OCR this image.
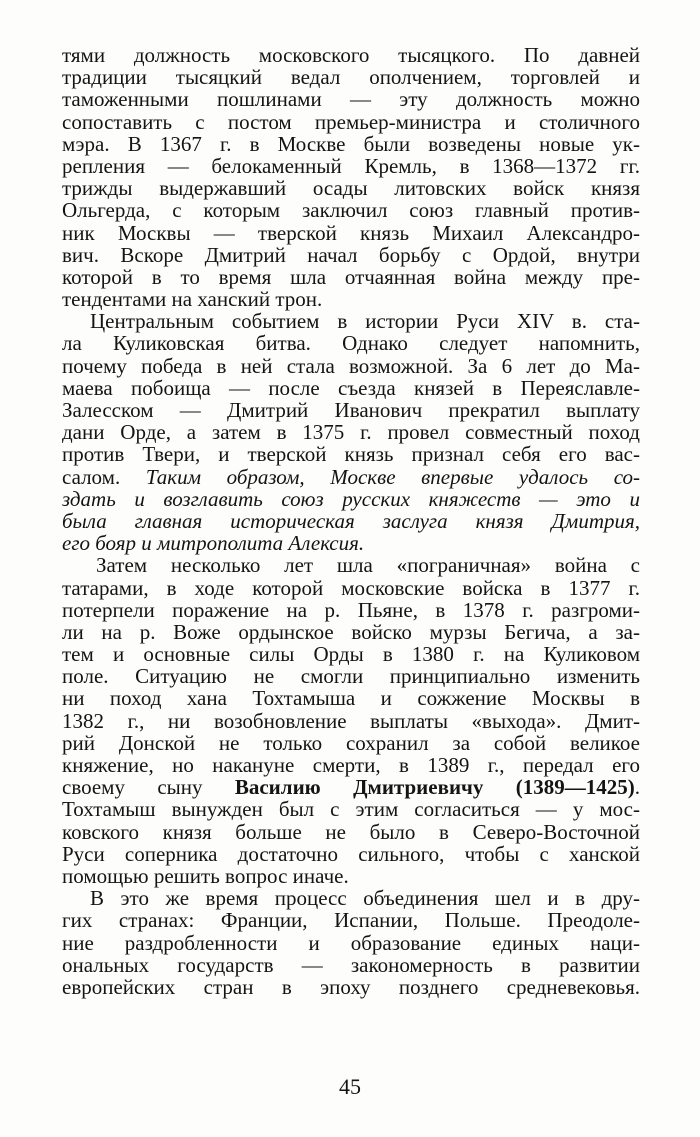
тями должность московского тысяцкого. По давней
традиции тысяцкий ведал ополчением, торговлей и
таможенными пошлинами — эту должность можно
сопоставить с постом премьер-министра и столичного
мэра. В 1367 г. в Москве были возведены новые ук-
репления — белокаменный Кремль, в 1368—1372 гг.
трижды выдержавший осады литовских войск князя
Ольгерда, с которым заключил союз главный против-
ник Москвы — тверской князь Михаил Александро-
вич. Вскоре Дмитрий начал борьбу с Ордой, внутри
которой в то время шла отчаянная война между пре-
тендентами на ханский трон.
Центральным событием в истории Руси XIV в. ста-
ла Куликовская битва. Однако следует напомнить,
почему победа в ней стала возможной. За 6 лет до Ма-
маева побоища — после съезда князей в Переяславле-
Залесском — Дмитрий Иванович прекратил выплату
дани Орде, а затем в 1375 г. провел совместный поход
против Твери, и тверской князь признал себя его вас-
салом. Таким образом, Москве впервые удалось со-
здать и возглавить союз русских княжеств — это и
была главная историческая заслуга князя Дмитрия,
его бояр и митрополита Алексия.
Затем несколько лет шла «пограничная» война с
татарами, в ходе которой московские войска в 1377 г.
потерпели поражение на р. Пьяне, в 1378 г. разгроми-
ли на р. Воже ордынское войско мурзы Бегича, а за-
тем и основные силы Орды в 1380 г. на Куликовом
поле. Ситуацию не смогли принципиально изменить
ни поход хана Тохтамыша и сожжение Москвы в
1382 г., ни возобновление выплаты «выхода». Дмит-
рий Донской не только сохранил за собой великое
княжение, но накануне смерти, в 1389 г., передал его
своему сыну Василию Дмитриевичу (1389—1425).
Тохтамыш вынужден был с этим согласиться — у мос-
ковского князя больше не было в Северо-Восточной
Руси соперника достаточно сильного, чтобы с ханской
помощью решить вопрос иначе.
В это же время процесс объединения шел и в дру-
гих странах: Франции, Испании, Польше. Преодоле-
ние раздробленности и образование единых наци-
ональных государств — закономерность в развитии
европейских стран в эпоху позднего средневековья.
45
